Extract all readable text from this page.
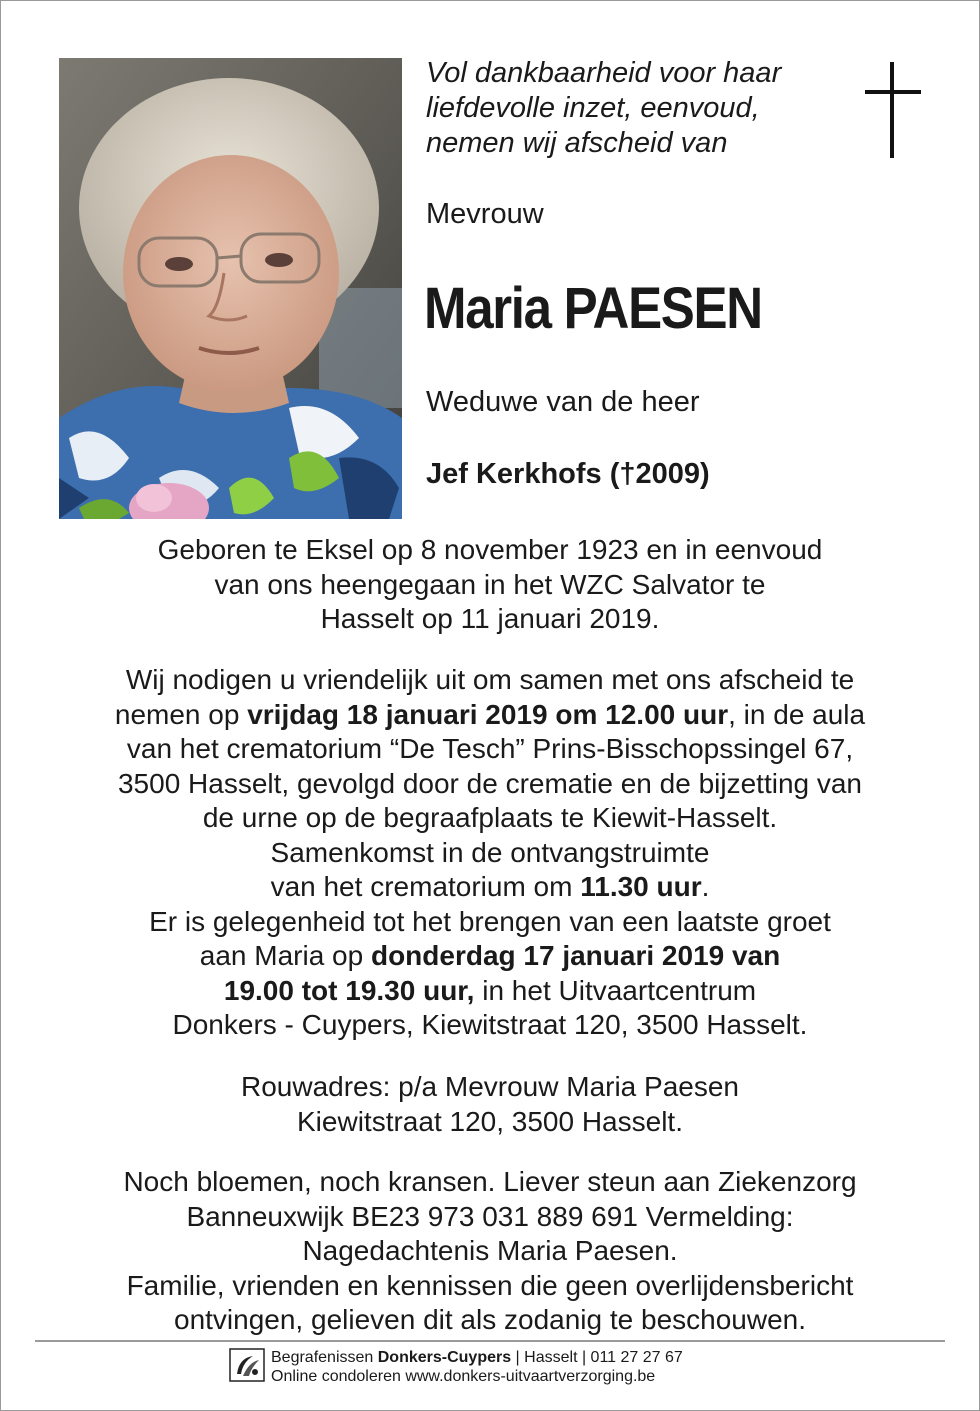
Vol dankbaarheid voor haar
liefdevolle inzet, eenvoud,
nemen wij afscheid van
Mevrouw
Maria PAESEN
Weduwe van de heer
Jef Kerkhofs (†2009)
Geboren te Eksel op 8 november 1923 en in eenvoud
van ons heengegaan in het WZC Salvator te
Hasselt op 11 januari 2019.
Wij nodigen u vriendelijk uit om samen met ons afscheid te
nemen op vrijdag 18 januari 2019 om 12.00 uur, in de aula
van het crematorium “De Tesch” Prins-Bisschopssingel 67,
3500 Hasselt, gevolgd door de crematie en de bijzetting van
de urne op de begraafplaats te Kiewit-Hasselt.
Samenkomst in de ontvangstruimte
van het crematorium om 11.30 uur.
Er is gelegenheid tot het brengen van een laatste groet
aan Maria op donderdag 17 januari 2019 van
19.00 tot 19.30 uur, in het Uitvaartcentrum
Donkers - Cuypers, Kiewitstraat 120, 3500 Hasselt.
Rouwadres: p/a Mevrouw Maria Paesen
Kiewitstraat 120, 3500 Hasselt.
Noch bloemen, noch kransen. Liever steun aan Ziekenzorg
Banneuxwijk BE23 973 031 889 691 Vermelding:
Nagedachtenis Maria Paesen.
Familie, vrienden en kennissen die geen overlijdensbericht
ontvingen, gelieven dit als zodanig te beschouwen.
Begrafenissen Donkers-Cuypers | Hasselt | 011 27 27 67
Online condoleren www.donkers-uitvaartverzorging.be
